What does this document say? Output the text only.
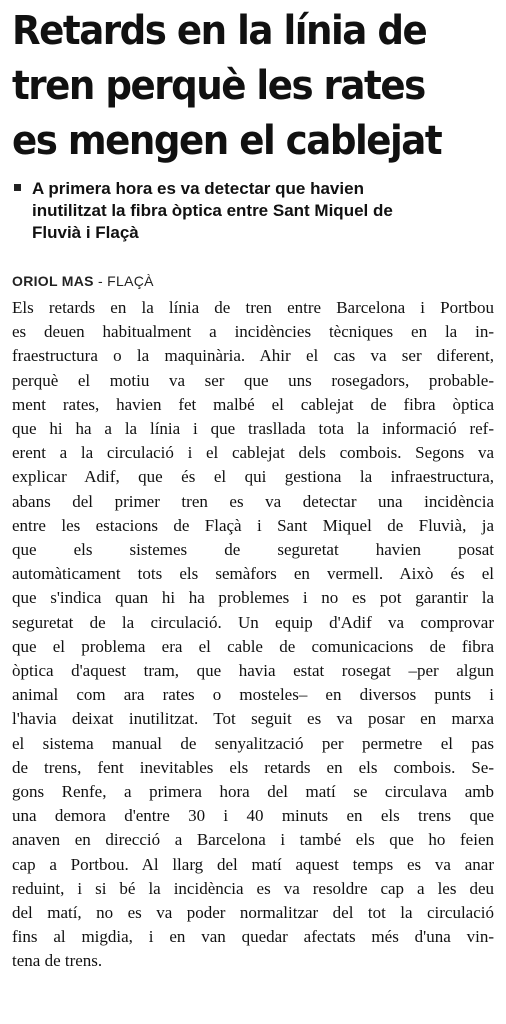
Retards en la línia de
tren perquè les rates
es mengen el cablejat
A primera hora es va detectar que havien
inutilitzat la fibra òptica entre Sant Miquel de
Fluvià i Flaçà
ORIOL MAS - FLAÇÀ
Els retards en la línia de tren entre Barcelona i Portbou
es deuen habitualment a incidències tècniques en la in-
fraestructura o la maquinària. Ahir el cas va ser diferent,
perquè el motiu va ser que uns rosegadors, probable-
ment rates, havien fet malbé el cablejat de fibra òptica
que hi ha a la línia i que trasllada tota la informació ref-
erent a la circulació i el cablejat dels combois. Segons va
explicar Adif, que és el qui gestiona la infraestructura,
abans del primer tren es va detectar una incidència
entre les estacions de Flaçà i Sant Miquel de Fluvià, ja
que els sistemes de seguretat havien posat
automàticament tots els semàfors en vermell. Això és el
que s'indica quan hi ha problemes i no es pot garantir la
seguretat de la circulació. Un equip d'Adif va comprovar
que el problema era el cable de comunicacions de fibra
òptica d'aquest tram, que havia estat rosegat –per algun
animal com ara rates o mosteles– en diversos punts i
l'havia deixat inutilitzat. Tot seguit es va posar en marxa
el sistema manual de senyalització per permetre el pas
de trens, fent inevitables els retards en els combois. Se-
gons Renfe, a primera hora del matí se circulava amb
una demora d'entre 30 i 40 minuts en els trens que
anaven en direcció a Barcelona i també els que ho feien
cap a Portbou. Al llarg del matí aquest temps es va anar
reduint, i si bé la incidència es va resoldre cap a les deu
del matí, no es va poder normalitzar del tot la circulació
fins al migdia, i en van quedar afectats més d'una vin-
tena de trens.
